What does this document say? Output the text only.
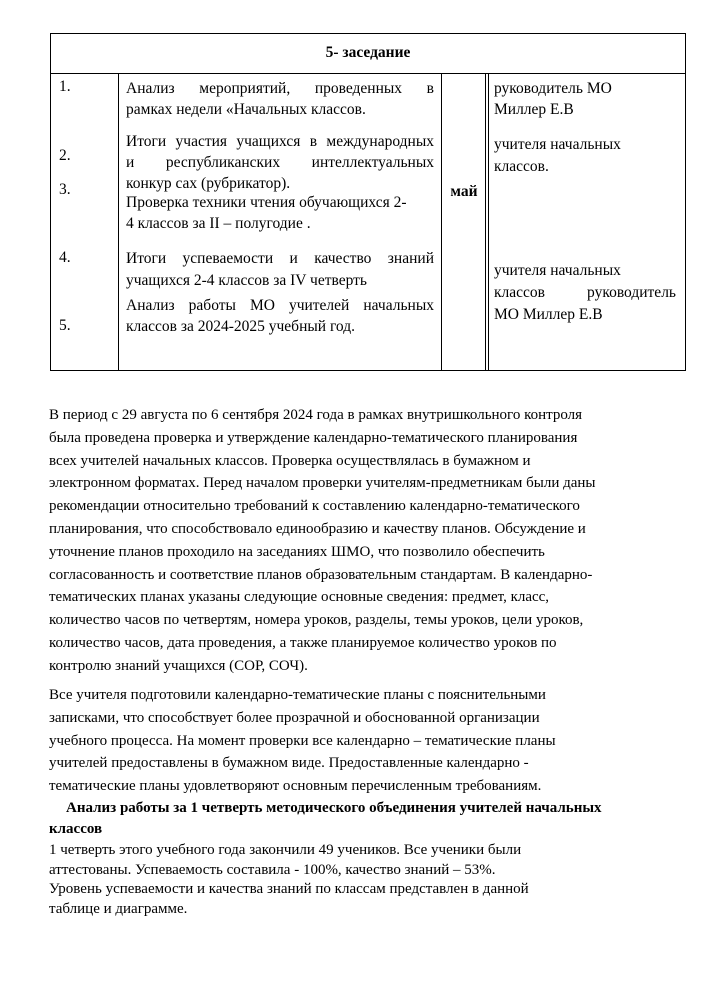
5- заседание
1.
2.
3.
4.
5.
Анализ мероприятий, проведенных в
рамках недели «Начальных классов.
Итоги участия учащихся в международных
и республиканских интеллектуальных
конкур сах (рубрикатор).
Проверка техники чтения обучающихся 2-
4 классов за II – полугодие .
Итоги успеваемости и качество знаний
учащихся 2-4 классов за IV четверть
Анализ работы МО учителей начальных
классов за 2024-2025 учебный год.
май
руководитель МО
Миллер Е.В
учителя начальных
классов.
учителя начальных
классов руководитель
МО Миллер Е.В
В период с 29 августа по 6 сентября 2024 года в рамках внутришкольного контроля
была проведена проверка и утверждение календарно-тематического планирования
всех учителей начальных классов. Проверка осуществлялась в бумажном и
электронном форматах. Перед началом проверки учителям-предметникам были даны
рекомендации относительно требований к составлению календарно-тематического
планирования, что способствовало единообразию и качеству планов. Обсуждение и
уточнение планов проходило на заседаниях ШМО, что позволило обеспечить
согласованность и соответствие планов образовательным стандартам. В календарно-
тематических планах указаны следующие основные сведения: предмет, класс,
количество часов по четвертям, номера уроков, разделы, темы уроков, цели уроков,
количество часов, дата проведения, а также планируемое количество уроков по
контролю знаний учащихся (СОР, СОЧ).
Все учителя подготовили календарно-тематические планы с пояснительными
записками, что способствует более прозрачной и обоснованной организации
учебного процесса. На момент проверки все календарно – тематические планы
учителей предоставлены в бумажном виде. Предоставленные календарно -
тематические планы удовлетворяют основным перечисленным требованиям.
Анализ работы за 1 четверть методического объединения учителей начальных
классов
1 четверть этого учебного года закончили 49 учеников. Все ученики были
аттестованы. Успеваемость составила - 100%, качество знаний – 53%.
Уровень успеваемости и качества знаний по классам представлен в данной
таблице и диаграмме.
